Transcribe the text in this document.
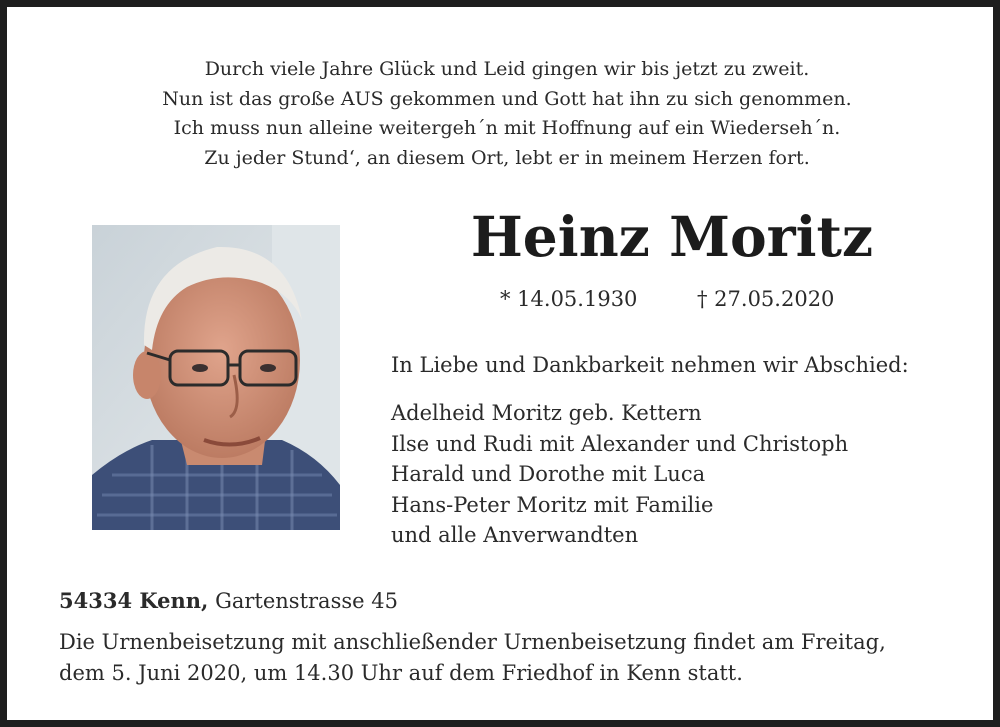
Durch viele Jahre Glück und Leid gingen wir bis jetzt zu zweit.
Nun ist das große AUS gekommen und Gott hat ihn zu sich genommen.
Ich muss nun alleine weitergeh´n mit Hoffnung auf ein Wiederseh´n.
Zu jeder Stund‘, an diesem Ort, lebt er in meinem Herzen fort.
Heinz Moritz
* 14.05.1930	† 27.05.2020
In Liebe und Dankbarkeit nehmen wir Abschied:
Adelheid Moritz geb. Kettern
Ilse und Rudi mit Alexander und Christoph
Harald und Dorothe mit Luca
Hans-Peter Moritz mit Familie
und alle Anverwandten
54334 Kenn, Gartenstrasse 45
Die Urnenbeisetzung mit anschließender Urnenbeisetzung findet am Freitag,
dem 5. Juni 2020, um 14.30 Uhr auf dem Friedhof in Kenn statt.
